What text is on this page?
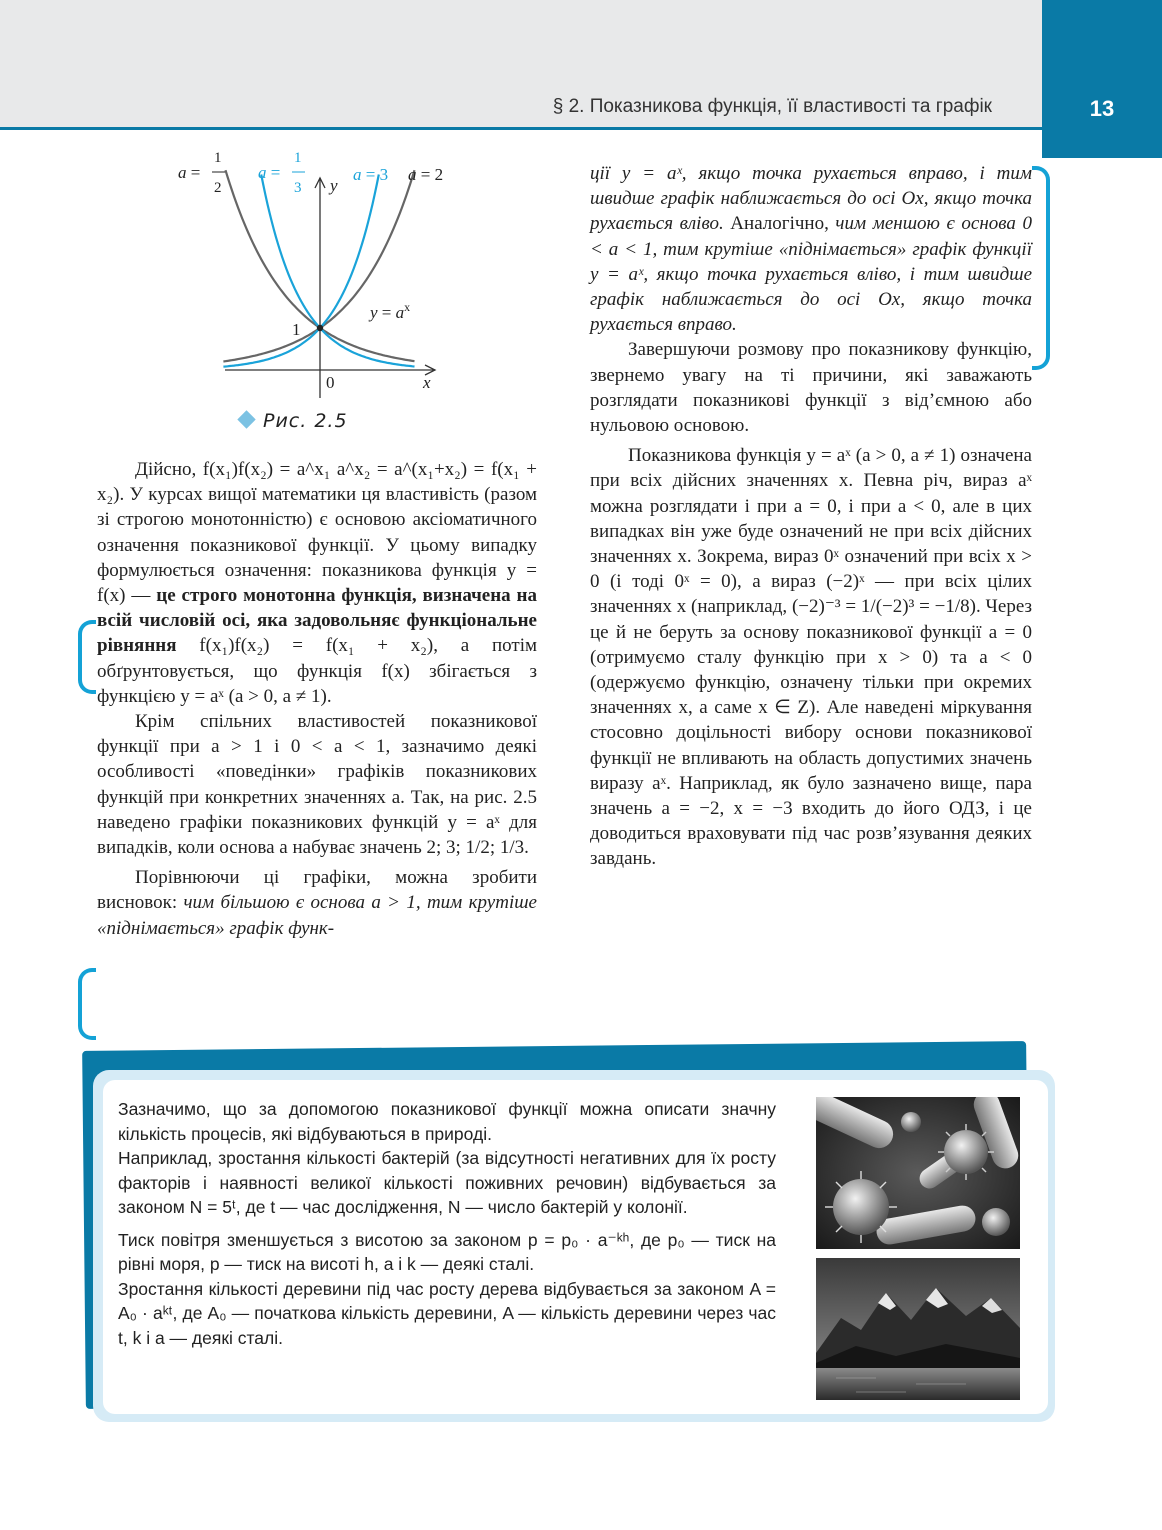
§ 2. Показникова функція, її властивості та графік	13
a =
1
2
a =
1
3 y
a = 3 a = 2
$y = a^x$
1
0	x
Рис. 2.5

Дійсно, f(x₁)f(x₂) = a^x₁ a^x₂ = a^(x₁+x₂) = f(x₁ + x₂). У курсах вищої математики ця властивість (разом зі строгою монотонністю) є основою аксіоматичного означення показникової функції. У цьому випадку формулюється означення: показникова функція y = f(x) — це строго монотонна функція, визначена на всій числовій осі, яка задовольняє функціональне рівняння f(x₁)f(x₂) = f(x₁ + x₂), а потім обґрунтовується, що функція f(x) збігається з функцією y = aˣ (a > 0, a ≠ 1).

Крім спільних властивостей показникової функції при a > 1 і 0 < a < 1, зазначимо деякі особливості «поведінки» графіків показникових функцій при конкретних значеннях a. Так, на рис. 2.5 наведено графіки показникових функцій y = aˣ для випадків, коли основа a набуває значень 2; 3; 1/2; 1/3.

Порівнюючи ці графіки, можна зробити висновок: чим більшою є основа a > 1, тим крутіше «піднімається» графік функ-

ції y = aˣ, якщо точка рухається вправо, і тим швидше графік наближається до осі Ox, якщо точка рухається вліво. Аналогічно, чим меншою є основа 0 < a < 1, тим крутіше «піднімається» графік функції y = aˣ, якщо точка рухається вліво, і тим швидше графік наближається до осі Ox, якщо точка рухається вправо.

Завершуючи розмову про показникову функцію, звернемо увагу на ті причини, які заважають розглядати показникові функції з від’ємною або нульовою основою.

Показникова функція y = aˣ (a > 0, a ≠ 1) означена при всіх дійсних значеннях x. Певна річ, вираз aˣ можна розглядати і при a = 0, і при a < 0, але в цих випадках він уже буде означений не при всіх дійсних значеннях x. Зокрема, вираз 0ˣ означений при всіх x > 0 (і тоді 0ˣ = 0), а вираз (−2)ˣ — при всіх цілих значеннях x (наприклад, (−2)⁻³ = 1/(−2)³ = −1/8). Через це й не беруть за основу показникової функції a = 0 (отримуємо сталу функцію при x > 0) та a < 0 (одержуємо функцію, означену тільки при окремих значеннях x, а саме x ∈ Z). Але наведені міркування стосовно доцільності вибору основи показникової функції не впливають на область допустимих значень виразу aˣ. Наприклад, як було зазначено вище, пара значень a = −2, x = −3 входить до його ОДЗ, і це доводиться враховувати під час розв’язування деяких завдань.

Зазначимо, що за допомогою показникової функції можна описати значну кількість процесів, які відбуваються в природі.

Наприклад, зростання кількості бактерій (за відсутності негативних для їх росту факторів і наявності великої кількості поживних речовин) відбувається за законом N = 5ᵗ, де t — час дослідження, N — число бактерій у колонії.

Тиск повітря зменшується з висотою за законом p = p₀ · a⁻ᵏʰ, де p₀ — тиск на рівні моря, p — тиск на висоті h, a і k — деякі сталі.

Зростання кількості деревини під час росту дерева відбувається за законом A = A₀ · aᵏᵗ, де A₀ — початкова кількість деревини, A — кількість деревини через час t, k і a — деякі сталі.
